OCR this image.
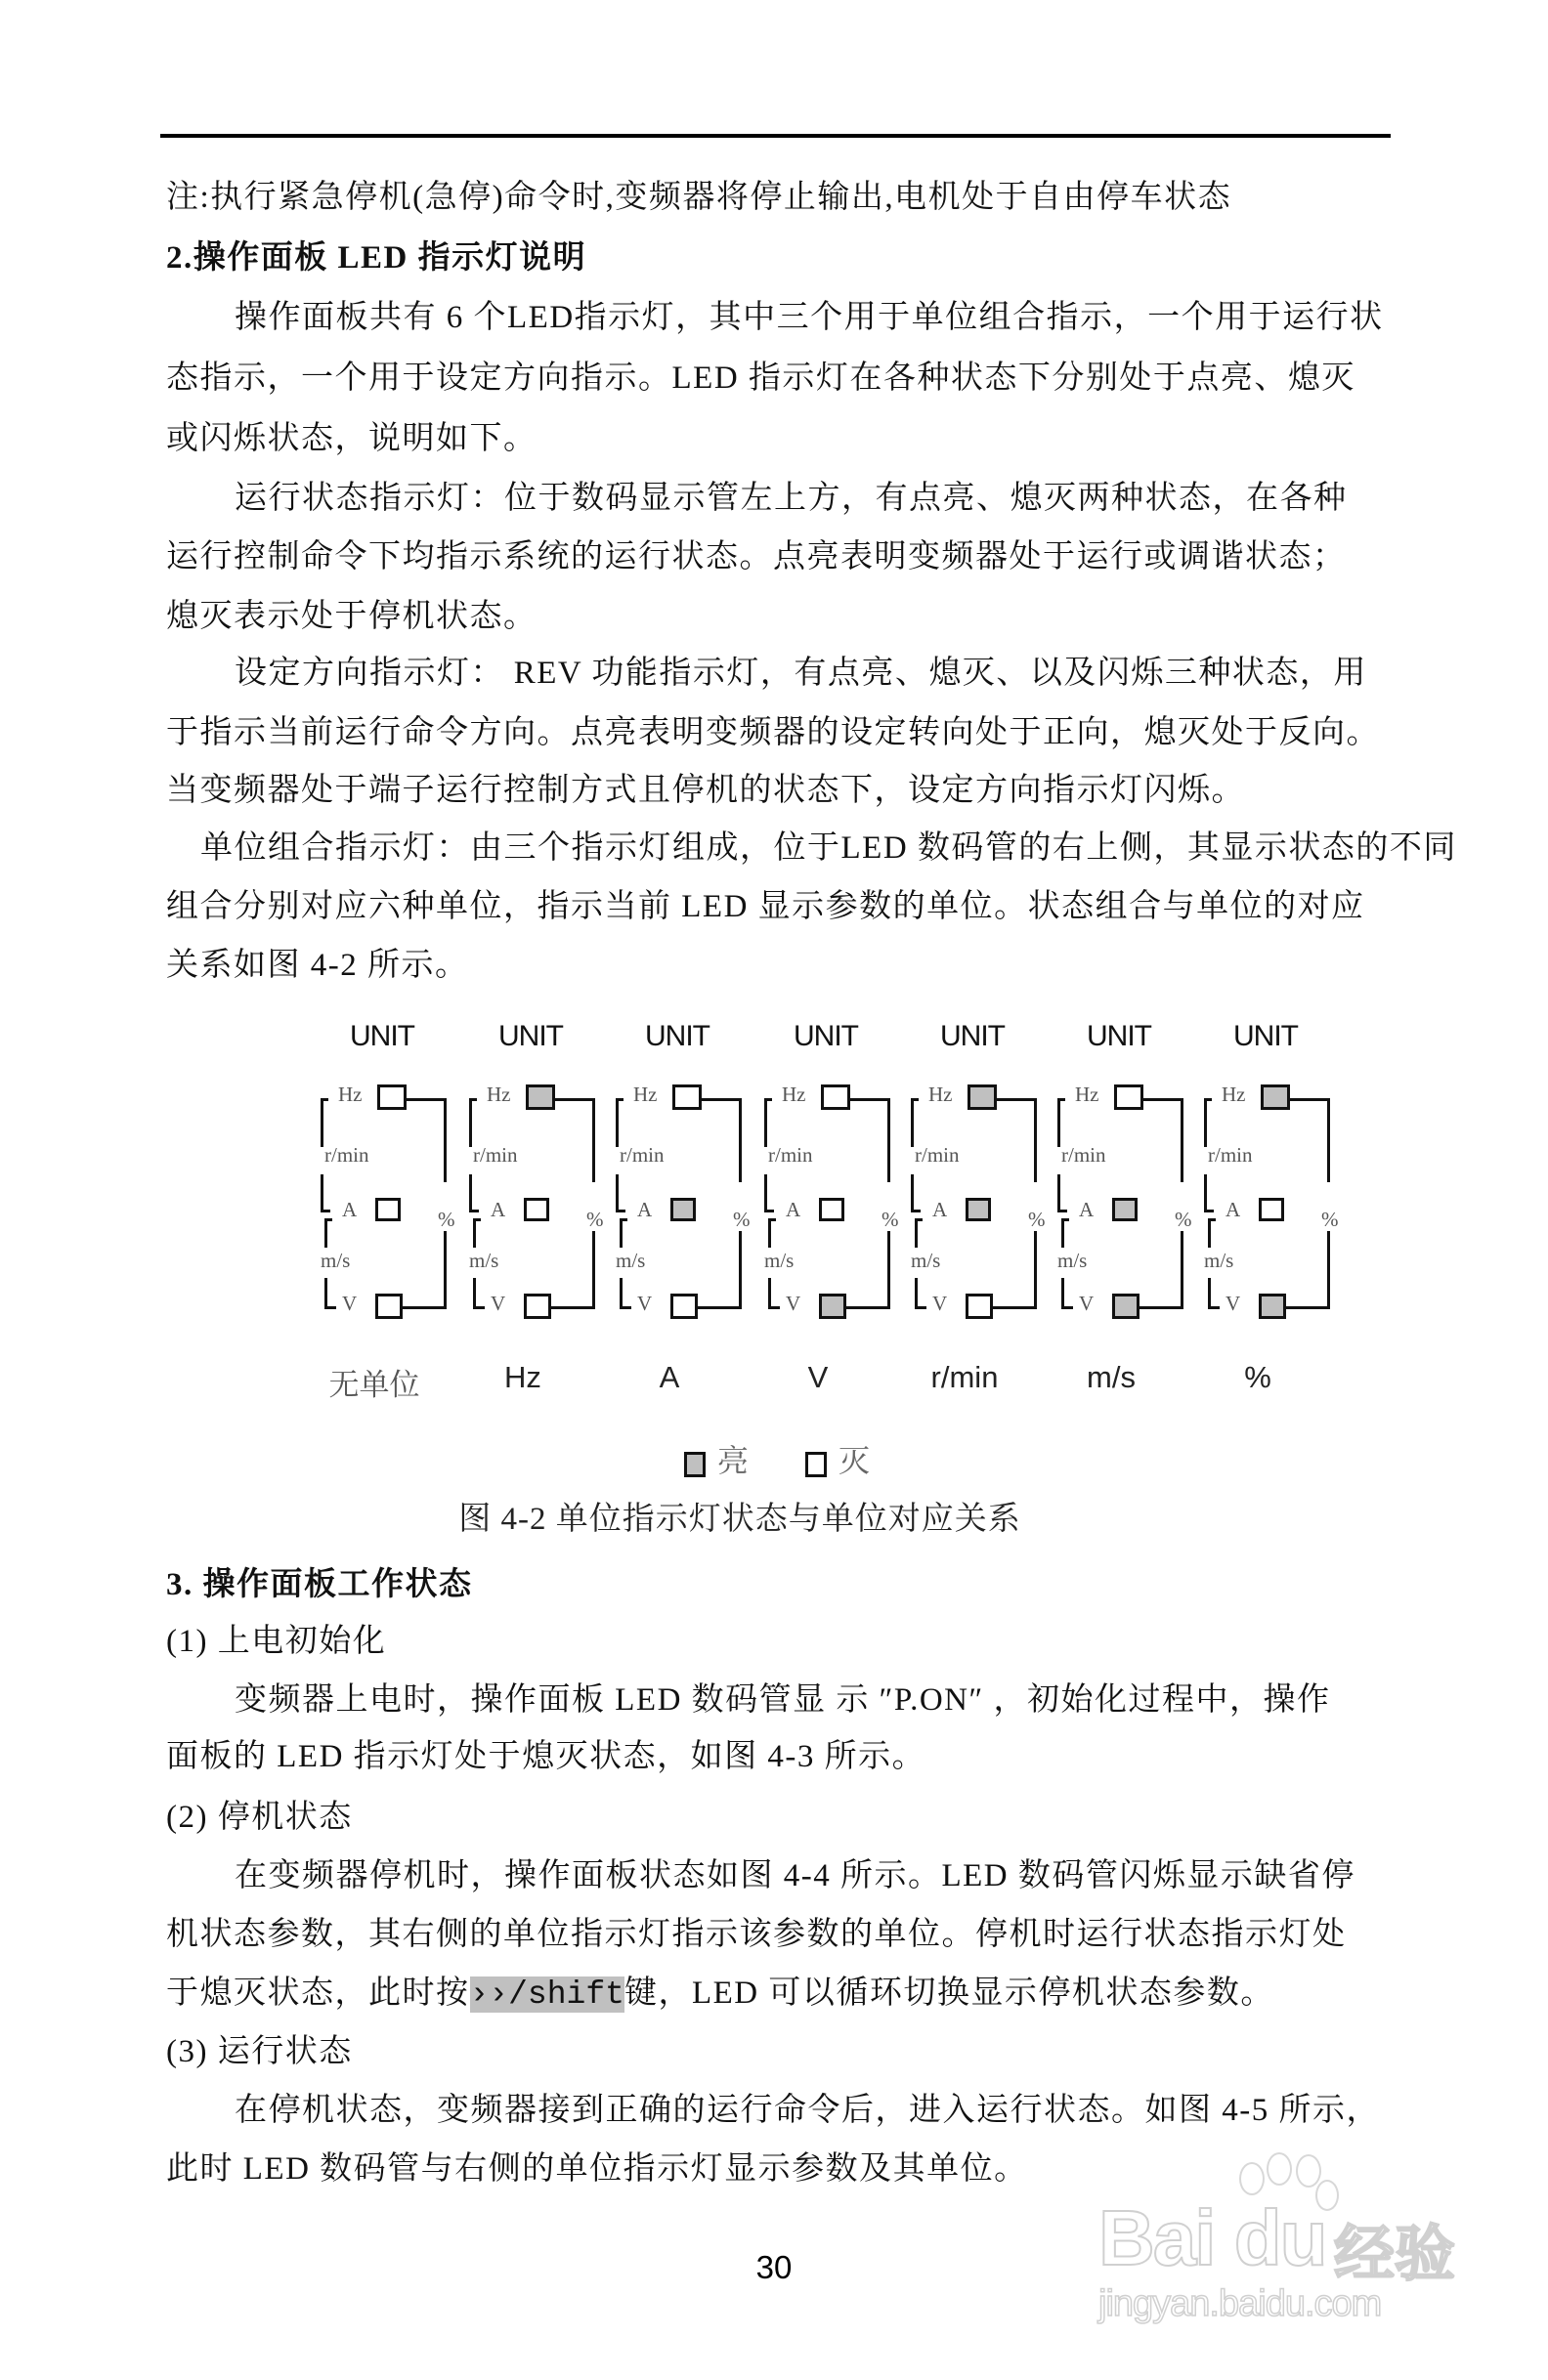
注:执行紧急停机(急停)命令时,变频器将停止输出,电机处于自由停车状态
2.操作面板 LED 指示灯说明
操作面板共有 6 个LED指示灯，其中三个用于单位组合指示，一个用于运行状
态指示，一个用于设定方向指示。LED 指示灯在各种状态下分别处于点亮、熄灭
或闪烁状态，说明如下。
运行状态指示灯：位于数码显示管左上方，有点亮、熄灭两种状态，在各种
运行控制命令下均指示系统的运行状态。点亮表明变频器处于运行或调谐状态；
熄灭表示处于停机状态。
设定方向指示灯： REV 功能指示灯，有点亮、熄灭、以及闪烁三种状态，用
于指示当前运行命令方向。点亮表明变频器的设定转向处于正向，熄灭处于反向。
当变频器处于端子运行控制方式且停机的状态下，设定方向指示灯闪烁。
单位组合指示灯：由三个指示灯组成，位于LED 数码管的右上侧，其显示状态的不同
组合分别对应六种单位，指示当前 LED 显示参数的单位。状态组合与单位的对应
关系如图 4-2 所示。
UNIT
Hz
r/min
A
m/s
V
%
无单位
UNIT
Hz
r/min
A
m/s
V
%
Hz
UNIT
Hz
r/min
A
m/s
V
%
A
UNIT
Hz
r/min
A
m/s
V
%
V
UNIT
Hz
r/min
A
m/s
V
%
r/min
UNIT
Hz
r/min
A
m/s
V
%
m/s
UNIT
Hz
r/min
A
m/s
V
%
%
亮	灭
图 4-2 单位指示灯状态与单位对应关系
3. 操作面板工作状态
(1) 上电初始化
变频器上电时，操作面板 LED 数码管显 示 ″P.ON″ ，初始化过程中，操作
面板的 LED 指示灯处于熄灭状态，如图 4-3 所示。
(2) 停机状态
在变频器停机时，操作面板状态如图 4-4 所示。LED 数码管闪烁显示缺省停
机状态参数，其右侧的单位指示灯指示该参数的单位。停机时运行状态指示灯处
于熄灭状态，此时按››/shift键，LED 可以循环切换显示停机状态参数。
(3) 运行状态
在停机状态，变频器接到正确的运行命令后，进入运行状态。如图 4-5 所示，
此时 LED 数码管与右侧的单位指示灯显示参数及其单位。
30	Bai du 经验
jingyan.baidu.com
